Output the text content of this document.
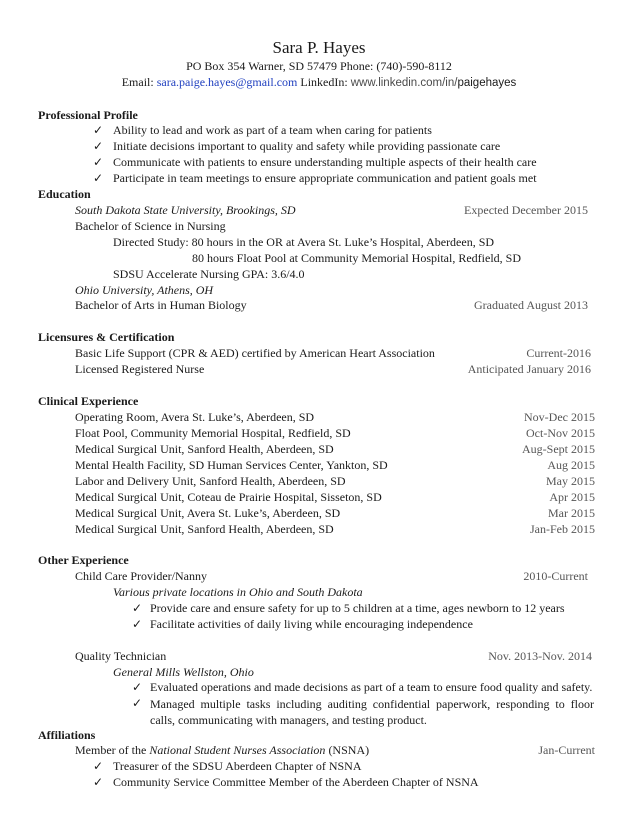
Sara P. Hayes
PO Box 354 Warner, SD 57479 Phone: (740)-590-8112
Email: sara.paige.hayes@gmail.com LinkedIn: www.linkedin.com/in/paigehayes
Professional Profile
✓ Ability to lead and work as part of a team when caring for patients
✓ Initiate decisions important to quality and safety while providing passionate care
✓ Communicate with patients to ensure understanding multiple aspects of their health care
✓ Participate in team meetings to ensure appropriate communication and patient goals met
Education
South Dakota State University, Brookings, SD	Expected December 2015
Bachelor of Science in Nursing
Directed Study: 80 hours in the OR at Avera St. Luke’s Hospital, Aberdeen, SD
80 hours Float Pool at Community Memorial Hospital, Redfield, SD
SDSU Accelerate Nursing GPA: 3.6/4.0
Ohio University, Athens, OH
Bachelor of Arts in Human Biology	Graduated August 2013
Licensures & Certification
Basic Life Support (CPR & AED) certified by American Heart Association	Current-2016
Licensed Registered Nurse	Anticipated January 2016
Clinical Experience
Operating Room, Avera St. Luke’s, Aberdeen, SD	Nov-Dec 2015
Float Pool, Community Memorial Hospital, Redfield, SD	Oct-Nov 2015
Medical Surgical Unit, Sanford Health, Aberdeen, SD	Aug-Sept 2015
Mental Health Facility, SD Human Services Center, Yankton, SD	Aug 2015
Labor and Delivery Unit, Sanford Health, Aberdeen, SD	May 2015
Medical Surgical Unit, Coteau de Prairie Hospital, Sisseton, SD	Apr 2015
Medical Surgical Unit, Avera St. Luke’s, Aberdeen, SD	Mar 2015
Medical Surgical Unit, Sanford Health, Aberdeen, SD	Jan-Feb 2015
Other Experience
Child Care Provider/Nanny	2010-Current
Various private locations in Ohio and South Dakota
✓ Provide care and ensure safety for up to 5 children at a time, ages newborn to 12 years
✓ Facilitate activities of daily living while encouraging independence
Quality Technician	Nov. 2013-Nov. 2014
General Mills Wellston, Ohio
✓ Evaluated operations and made decisions as part of a team to ensure food quality and safety.
✓ Managed multiple tasks including auditing confidential paperwork, responding to floor calls, communicating with managers, and testing product.
Affiliations
Member of the National Student Nurses Association (NSNA)	Jan-Current
✓ Treasurer of the SDSU Aberdeen Chapter of NSNA
✓ Community Service Committee Member of the Aberdeen Chapter of NSNA
